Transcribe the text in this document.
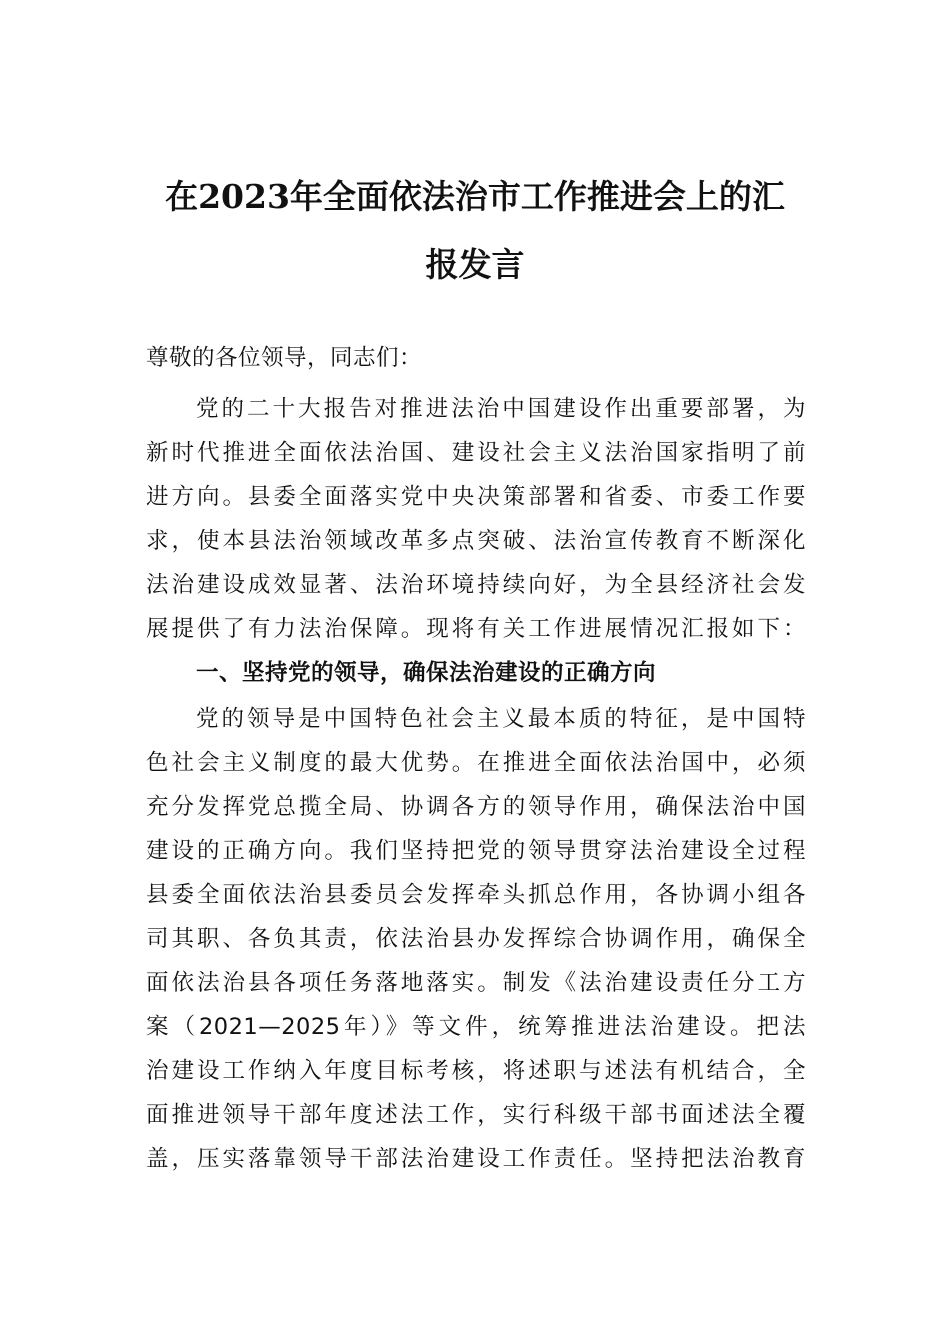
在2023年全面依法治市工作推进会上的汇
报发言
尊敬的各位领导，同志们：
党的二十大报告对推进法治中国建设作出重要部署，为
新时代推进全面依法治国、建设社会主义法治国家指明了前
进方向。县委全面落实党中央决策部署和省委、市委工作要
求，使本县法治领域改革多点突破、法治宣传教育不断深化
法治建设成效显著、法治环境持续向好，为全县经济社会发
展提供了有力法治保障。现将有关工作进展情况汇报如下：
一、坚持党的领导，确保法治建设的正确方向
党的领导是中国特色社会主义最本质的特征，是中国特
色社会主义制度的最大优势。在推进全面依法治国中，必须
充分发挥党总揽全局、协调各方的领导作用，确保法治中国
建设的正确方向。我们坚持把党的领导贯穿法治建设全过程
县委全面依法治县委员会发挥牵头抓总作用，各协调小组各
司其职、各负其责，依法治县办发挥综合协调作用，确保全
面依法治县各项任务落地落实。制发《法治建设责任分工方
案（2021—2025年）》等文件，统筹推进法治建设。把法
治建设工作纳入年度目标考核，将述职与述法有机结合，全
面推进领导干部年度述法工作，实行科级干部书面述法全覆
盖，压实落靠领导干部法治建设工作责任。坚持把法治教育
